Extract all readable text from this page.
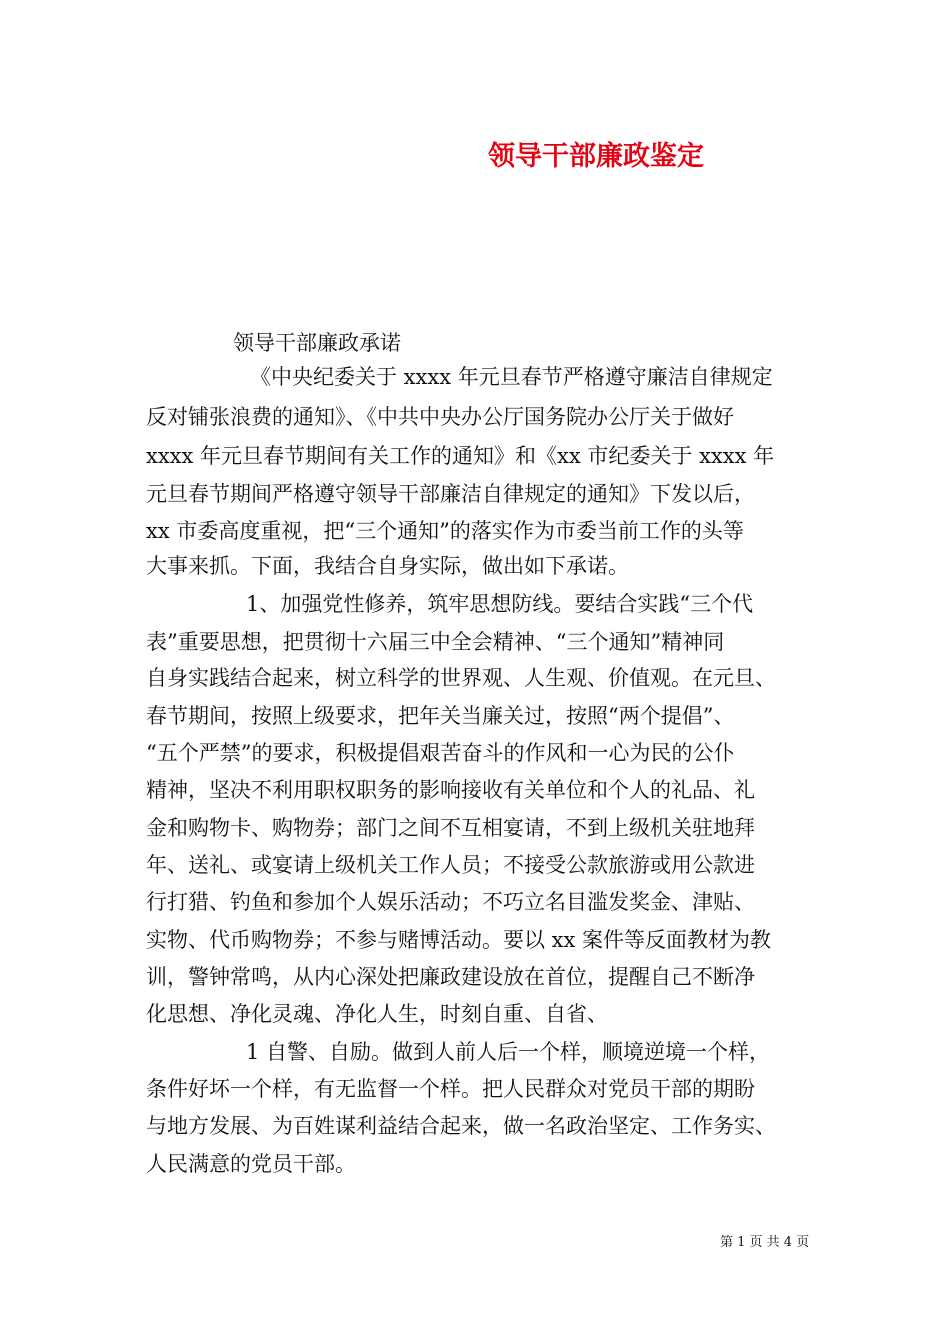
领导干部廉政鉴定
领导干部廉政承诺
《中央纪委关于 xxxx 年元旦春节严格遵守廉洁自律规定
反对铺张浪费的通知》、《中共中央办公厅国务院办公厅关于做好
xxxx 年元旦春节期间有关工作的通知》和《xx 市纪委关于 xxxx 年
元旦春节期间严格遵守领导干部廉洁自律规定的通知》下发以后，
xx 市委高度重视，把“三个通知”的落实作为市委当前工作的头等
大事来抓。下面，我结合自身实际，做出如下承诺。
1、加强党性修养，筑牢思想防线。要结合实践“三个代
表”重要思想，把贯彻十六届三中全会精神、“三个通知”精神同
自身实践结合起来，树立科学的世界观、人生观、价值观。在元旦、
春节期间，按照上级要求，把年关当廉关过，按照“两个提倡”、
“五个严禁”的要求，积极提倡艰苦奋斗的作风和一心为民的公仆
精神，坚决不利用职权职务的影响接收有关单位和个人的礼品、礼
金和购物卡、购物券；部门之间不互相宴请，不到上级机关驻地拜
年、送礼、或宴请上级机关工作人员；不接受公款旅游或用公款进
行打猎、钓鱼和参加个人娱乐活动；不巧立名目滥发奖金、津贴、
实物、代币购物券；不参与赌博活动。要以 xx 案件等反面教材为教
训，警钟常鸣，从内心深处把廉政建设放在首位，提醒自己不断净
化思想、净化灵魂、净化人生，时刻自重、自省、
1 自警、自励。做到人前人后一个样，顺境逆境一个样，
条件好坏一个样，有无监督一个样。把人民群众对党员干部的期盼
与地方发展、为百姓谋利益结合起来，做一名政治坚定、工作务实、
人民满意的党员干部。
第 1 页 共 4 页
